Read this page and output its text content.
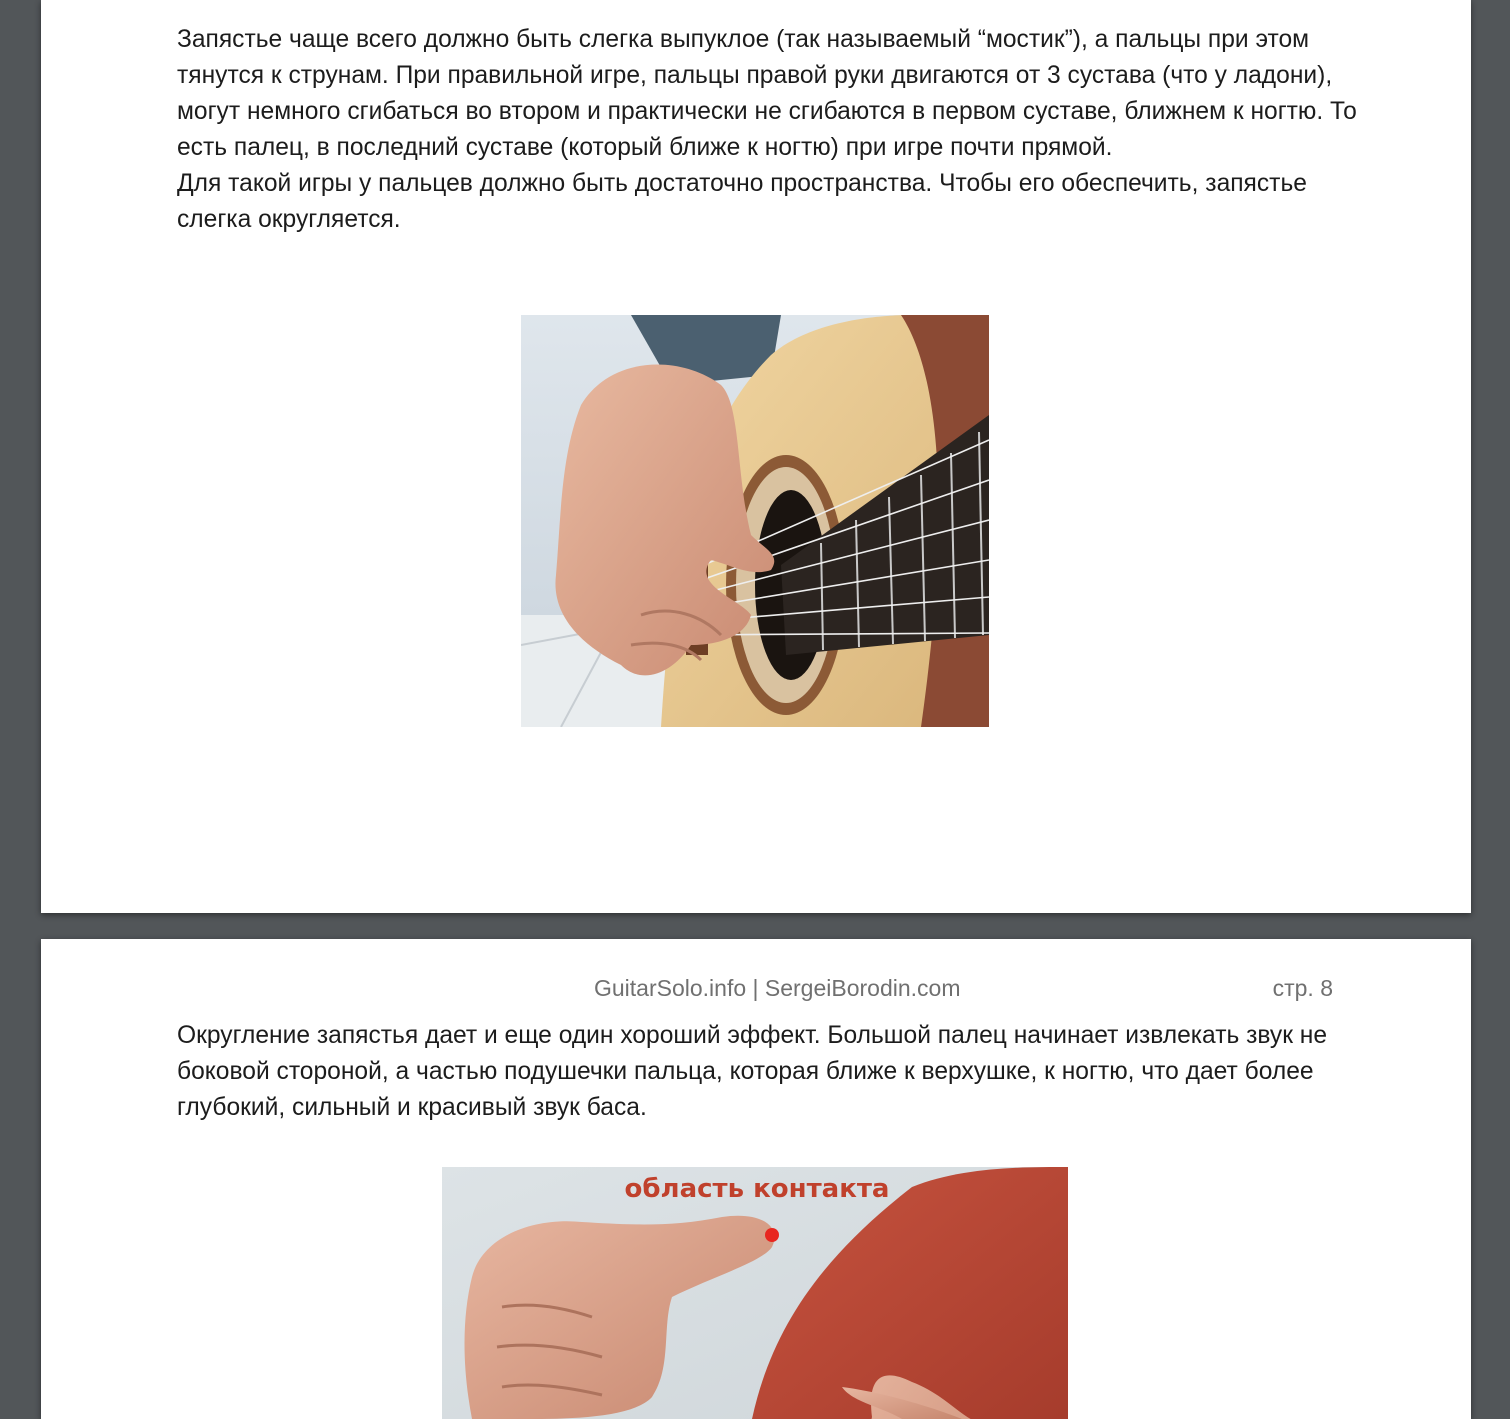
Запястье чаще всего должно быть слегка выпуклое (так называемый “мостик”), а пальцы при этом тянутся к струнам. При правильной игре, пальцы правой руки двигаются от 3 сустава (что у ладони), могут немного сгибаться во втором и практически не сгибаются в первом суставе, ближнем к ногтю. То есть палец, в последний суставе (который ближе к ногтю) при игре почти прямой.

Для такой игры у пальцев должно быть достаточно пространства. Чтобы его обеспечить, запястье слегка округляется.

GuitarSolo.info | SergeiBorodin.com	стр. 8

Округление запястья дает и еще один хороший эффект. Большой палец начинает извлекать звук не боковой стороной, а частью подушечки пальца, которая ближе к верхушке, к ногтю, что дает более глубокий, сильный и красивый звук баса.

область контакта
